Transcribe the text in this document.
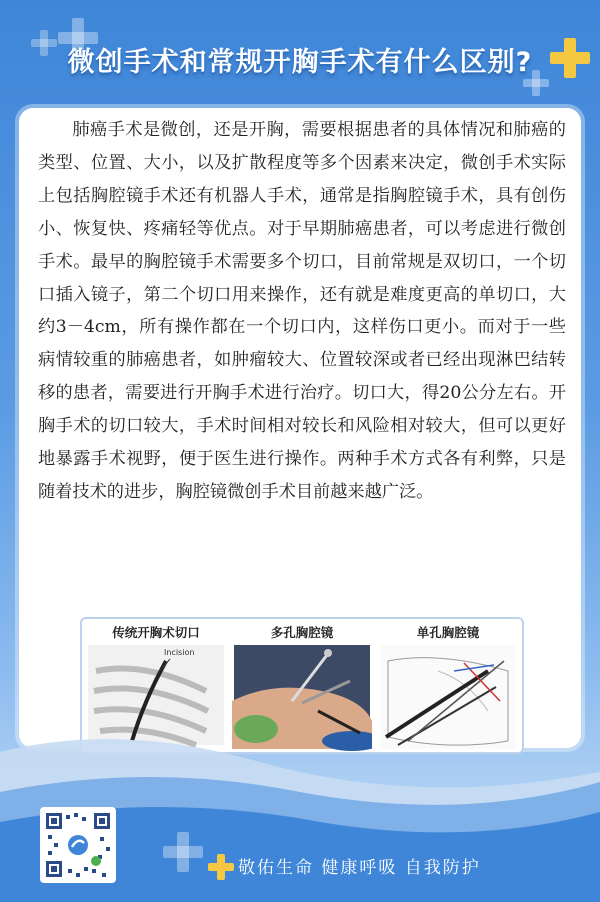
微创手术和常规开胸手术有什么区别?

肺癌手术是微创，还是开胸，需要根据患者的具体情况和肺癌的类型、位置、大小，以及扩散程度等多个因素来决定，微创手术实际上包括胸腔镜手术还有机器人手术，通常是指胸腔镜手术，具有创伤小、恢复快、疼痛轻等优点。对于早期肺癌患者，可以考虑进行微创手术。最早的胸腔镜手术需要多个切口，目前常规是双切口，一个切口插入镜子，第二个切口用来操作，还有就是难度更高的单切口，大约3－4cm，所有操作都在一个切口内，这样伤口更小。而对于一些病情较重的肺癌患者，如肿瘤较大、位置较深或者已经出现淋巴结转移的患者，需要进行开胸手术进行治疗。切口大，得20公分左右。开胸手术的切口较大，手术时间相对较长和风险相对较大，但可以更好地暴露手术视野，便于医生进行操作。两种手术方式各有利弊，只是随着技术的进步，胸腔镜微创手术目前越来越广泛。

传统开胸术切口
Incision
多孔胸腔镜	单孔胸腔镜
敬佑生命 健康呼吸 自我防护
